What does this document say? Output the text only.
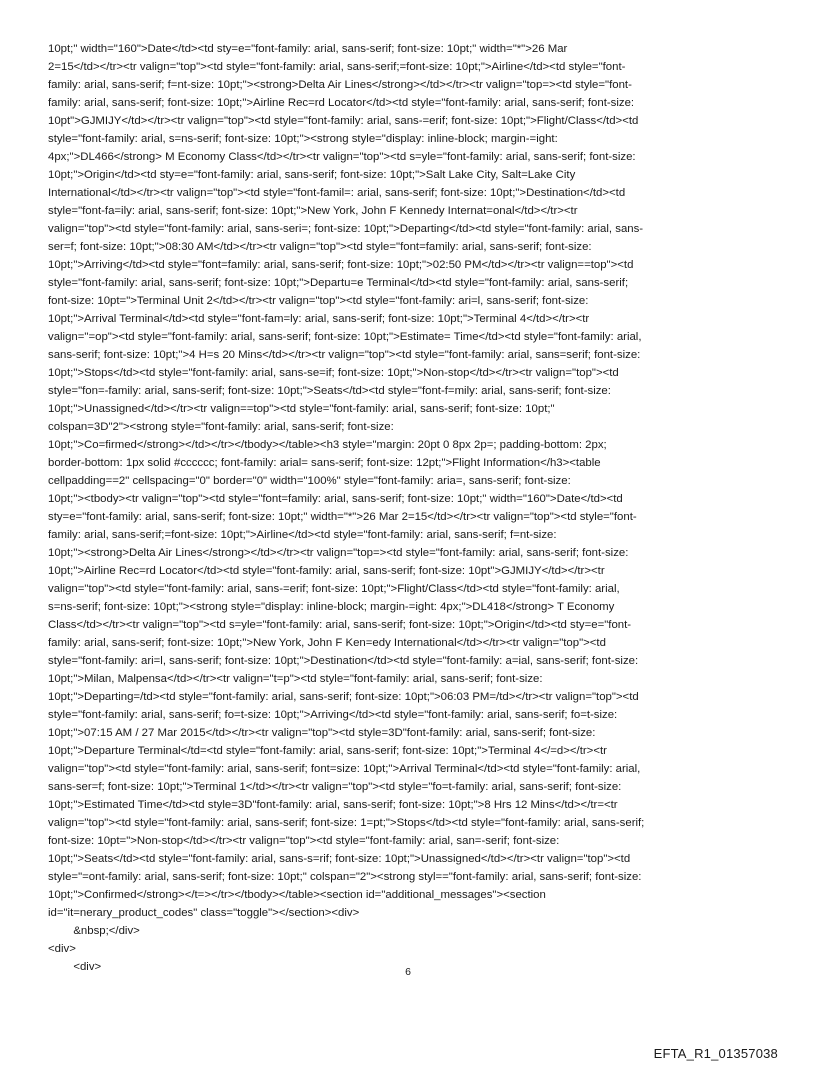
10pt;" width="160">Date</td><td sty=e="font-family: arial, sans-serif; font-size: 10pt;" width="*">26 Mar
2=15</td></tr><tr valign="top"><td style="font-family: arial, sans-serif;=font-size: 10pt;">Airline</td><td style="font-
family: arial, sans-serif; f=nt-size: 10pt;"><strong>Delta Air Lines</strong></td></tr><tr valign="top=><td style="font-
family: arial, sans-serif; font-size: 10pt;">Airline Rec=rd Locator</td><td style="font-family: arial, sans-serif; font-size:
10pt">GJMIJY</td></tr><tr valign="top"><td style="font-family: arial, sans-=erif; font-size: 10pt;">Flight/Class</td><td
style="font-family: arial, s=ns-serif; font-size: 10pt;"><strong style="display: inline-block; margin-=ight:
4px;">DL466</strong> M Economy Class</td></tr><tr valign="top"><td s=yle="font-family: arial, sans-serif; font-size:
10pt;">Origin</td><td sty=e="font-family: arial, sans-serif; font-size: 10pt;">Salt Lake City, Salt=Lake City
International</td></tr><tr valign="top"><td style="font-famil=: arial, sans-serif; font-size: 10pt;">Destination</td><td
style="font-fa=ily: arial, sans-serif; font-size: 10pt;">New York, John F Kennedy Internat=onal</td></tr><tr
valign="top"><td style="font-family: arial, sans-seri=; font-size: 10pt;">Departing</td><td style="font-family: arial, sans-
ser=f; font-size: 10pt;">08:30 AM</td></tr><tr valign="top"><td style="font=family: arial, sans-serif; font-size:
10pt;">Arriving</td><td style="font=family: arial, sans-serif; font-size: 10pt;">02:50 PM</td></tr><tr valign==top"><td
style="font-family: arial, sans-serif; font-size: 10pt;">Departu=e Terminal</td><td style="font-family: arial, sans-serif;
font-size: 10pt=">Terminal Unit 2</td></tr><tr valign="top"><td style="font-family: ari=l, sans-serif; font-size:
10pt;">Arrival Terminal</td><td style="font-fam=ly: arial, sans-serif; font-size: 10pt;">Terminal 4</td></tr><tr
valign="=op"><td style="font-family: arial, sans-serif; font-size: 10pt;">Estimate= Time</td><td style="font-family: arial,
sans-serif; font-size: 10pt;">4 H=s 20 Mins</td></tr><tr valign="top"><td style="font-family: arial, sans=serif; font-size:
10pt;">Stops</td><td style="font-family: arial, sans-se=if; font-size: 10pt;">Non-stop</td></tr><tr valign="top"><td
style="fon=-family: arial, sans-serif; font-size: 10pt;">Seats</td><td style="font-f=mily: arial, sans-serif; font-size:
10pt;">Unassigned</td></tr><tr valign==top"><td style="font-family: arial, sans-serif; font-size: 10pt;"
colspan=3D"2"><strong style="font-family: arial, sans-serif; font-size:
10pt;">Co=firmed</strong></td></tr></tbody></table><h3 style="margin: 20pt 0 8px 2p=; padding-bottom: 2px;
border-bottom: 1px solid #cccccc; font-family: arial= sans-serif; font-size: 12pt;">Flight Information</h3><table
cellpadding==2" cellspacing="0" border="0" width="100%" style="font-family: aria=, sans-serif; font-size:
10pt;"><tbody><tr valign="top"><td style="font=family: arial, sans-serif; font-size: 10pt;" width="160">Date</td><td
sty=e="font-family: arial, sans-serif; font-size: 10pt;" width="*">26 Mar 2=15</td></tr><tr valign="top"><td style="font-
family: arial, sans-serif;=font-size: 10pt;">Airline</td><td style="font-family: arial, sans-serif; f=nt-size:
10pt;"><strong>Delta Air Lines</strong></td></tr><tr valign="top=><td style="font-family: arial, sans-serif; font-size:
10pt;">Airline Rec=rd Locator</td><td style="font-family: arial, sans-serif; font-size: 10pt">GJMIJY</td></tr><tr
valign="top"><td style="font-family: arial, sans-=erif; font-size: 10pt;">Flight/Class</td><td style="font-family: arial,
s=ns-serif; font-size: 10pt;"><strong style="display: inline-block; margin-=ight: 4px;">DL418</strong> T Economy
Class</td></tr><tr valign="top"><td s=yle="font-family: arial, sans-serif; font-size: 10pt;">Origin</td><td sty=e="font-
family: arial, sans-serif; font-size: 10pt;">New York, John F Ken=edy International</td></tr><tr valign="top"><td
style="font-family: ari=l, sans-serif; font-size: 10pt;">Destination</td><td style="font-family: a=ial, sans-serif; font-size:
10pt;">Milan, Malpensa</td></tr><tr valign="t=p"><td style="font-family: arial, sans-serif; font-size:
10pt;">Departing=/td><td style="font-family: arial, sans-serif; font-size: 10pt;">06:03 PM=/td></tr><tr valign="top"><td
style="font-family: arial, sans-serif; fo=t-size: 10pt;">Arriving</td><td style="font-family: arial, sans-serif; fo=t-size:
10pt;">07:15 AM / 27 Mar 2015</td></tr><tr valign="top"><td style=3D"font-family: arial, sans-serif; font-size:
10pt;">Departure Terminal</td=<td style="font-family: arial, sans-serif; font-size: 10pt;">Terminal 4</=d></tr><tr
valign="top"><td style="font-family: arial, sans-serif; font=size: 10pt;">Arrival Terminal</td><td style="font-family: arial,
sans-ser=f; font-size: 10pt;">Terminal 1</td></tr><tr valign="top"><td style="fo=t-family: arial, sans-serif; font-size:
10pt;">Estimated Time</td><td style=3D"font-family: arial, sans-serif; font-size: 10pt;">8 Hrs 12 Mins</td></tr=<tr
valign="top"><td style="font-family: arial, sans-serif; font-size: 1=pt;">Stops</td><td style="font-family: arial, sans-serif;
font-size: 10pt=">Non-stop</td></tr><tr valign="top"><td style="font-family: arial, san=-serif; font-size:
10pt;">Seats</td><td style="font-family: arial, sans-s=rif; font-size: 10pt;">Unassigned</td></tr><tr valign="top"><td
style="=ont-family: arial, sans-serif; font-size: 10pt;" colspan="2"><strong styl=="font-family: arial, sans-serif; font-size:
10pt;">Confirmed</strong></t=></tr></tbody></table><section id="additional_messages"><section
id="it=nerary_product_codes" class="toggle"></section><div>
&nbsp;</div>
<div>
<div>	6
EFTA_R1_01357038
